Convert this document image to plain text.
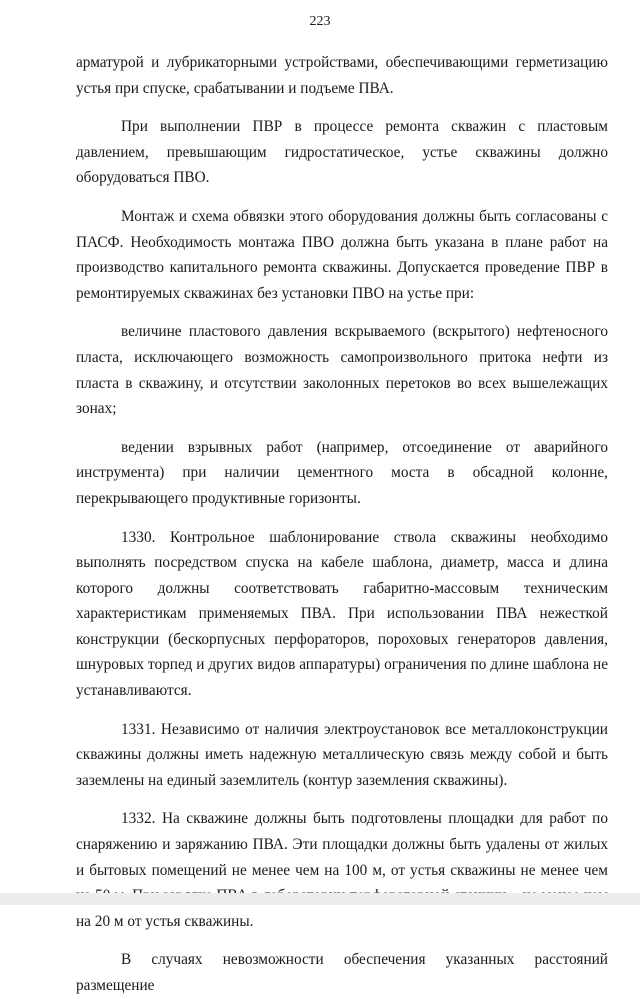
223

арматурой и лубрикаторными устройствами, обеспечивающими герметизацию устья при спуске, срабатывании и подъеме ПВА.

При выполнении ПВР в процессе ремонта скважин с пластовым давлением, превышающим гидростатическое, устье скважины должно оборудоваться ПВО.

Монтаж и схема обвязки этого оборудования должны быть согласованы с ПАСФ. Необходимость монтажа ПВО должна быть указана в плане работ на производство капитального ремонта скважины. Допускается проведение ПВР в ремонтируемых скважинах без установки ПВО на устье при:

величине пластового давления вскрываемого (вскрытого) нефтеносного пласта, исключающего возможность самопроизвольного притока нефти из пласта в скважину, и отсутствии заколонных перетоков во всех вышележащих зонах;

ведении взрывных работ (например, отсоединение от аварийного инструмента) при наличии цементного моста в обсадной колонне, перекрывающего продуктивные горизонты.

1330. Контрольное шаблонирование ствола скважины необходимо выполнять посредством спуска на кабеле шаблона, диаметр, масса и длина которого должны соответствовать габаритно-массовым техническим характеристикам применяемых ПВА. При использовании ПВА нежесткой конструкции (бескорпусных перфораторов, пороховых генераторов давления, шнуровых торпед и других видов аппаратуры) ограничения по длине шаблона не устанавливаются.

1331. Независимо от наличия электроустановок все металлоконструкции скважины должны иметь надежную металлическую связь между собой и быть заземлены на единый заземлитель (контур заземления скважины).

1332. На скважине должны быть подготовлены площадки для работ по снаряжению и заряжанию ПВА. Эти площадки должны быть удалены от жилых и бытовых помещений не менее чем на 100 м, от устья скважины не менее чем на 20 м от устья скважины.

В случаях невозможности обеспечения указанных расстояний размещение
